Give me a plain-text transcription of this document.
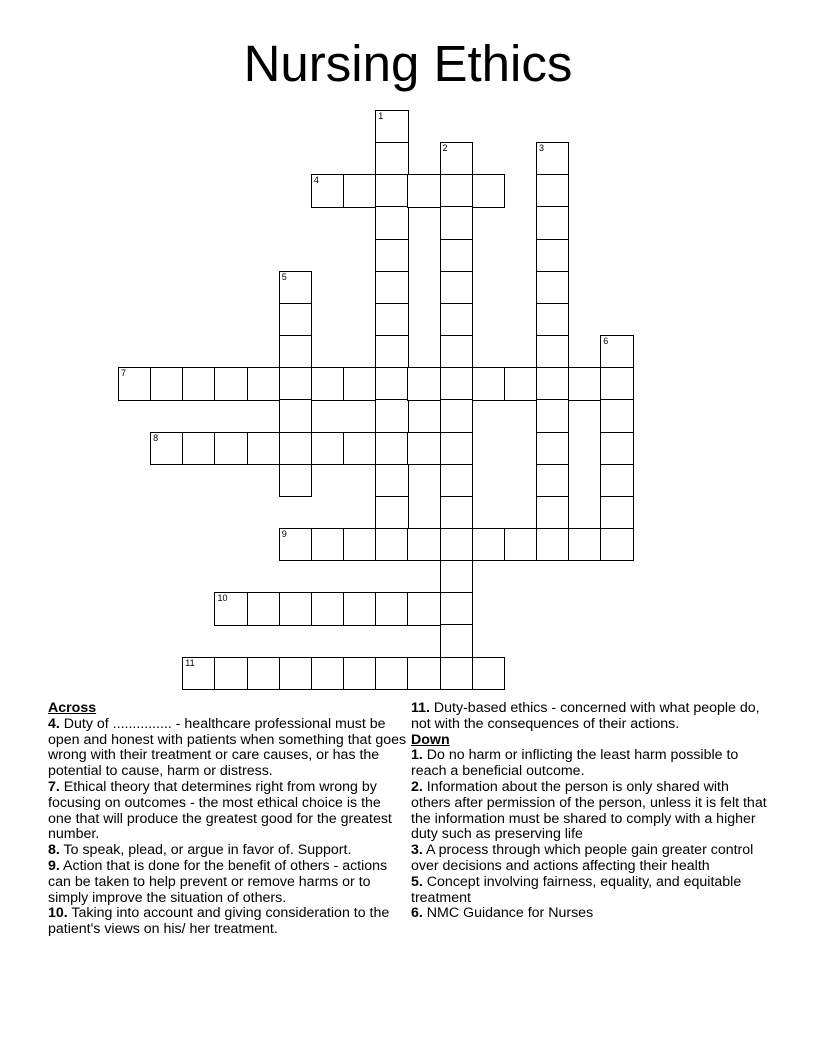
Nursing Ethics
1
2	3
4
5
6
7
8
9
10
11
Across
4. Duty of ............... - healthcare professional must be open and honest with patients when something that goes wrong with their treatment or care causes, or has the potential to cause, harm or distress.
7. Ethical theory that determines right from wrong by focusing on outcomes - the most ethical choice is the one that will produce the greatest good for the greatest number.
8. To speak, plead, or argue in favor of. Support.
9. Action that is done for the benefit of others - actions can be taken to help prevent or remove harms or to simply improve the situation of others.
10. Taking into account and giving consideration to the patient's views on his/ her treatment.
11. Duty-based ethics - concerned with what people do, not with the consequences of their actions.
Down
1. Do no harm or inflicting the least harm possible to reach a beneficial outcome.
2. Information about the person is only shared with others after permission of the person, unless it is felt that the information must be shared to comply with a higher duty such as preserving life
3. A process through which people gain greater control over decisions and actions affecting their health
5. Concept involving fairness, equality, and equitable treatment
6. NMC Guidance for Nurses
